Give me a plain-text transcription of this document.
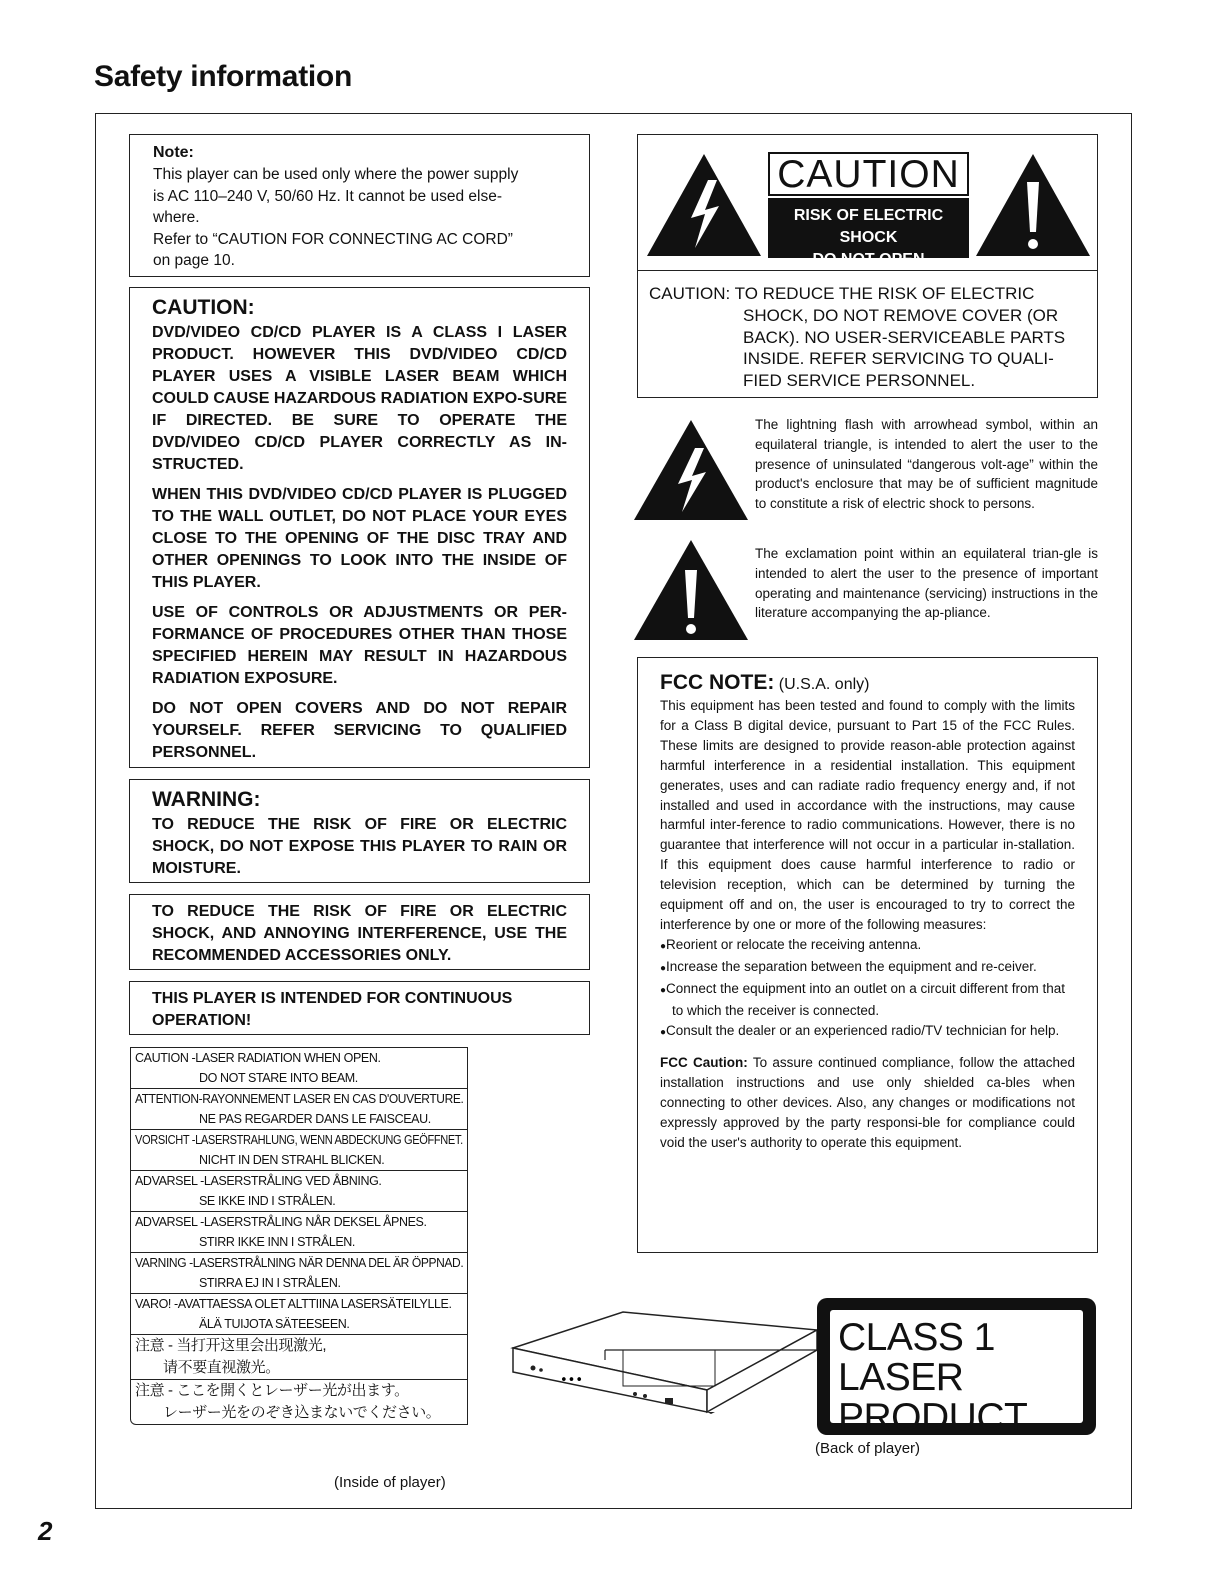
Safety information
Note:
This player can be used only where the power supply
is AC 110–240 V, 50/60 Hz. It cannot be used else-
where.
Refer to “CAUTION FOR CONNECTING AC CORD”
on page 10.
CAUTION:

DVD/VIDEO CD/CD PLAYER IS A CLASS I LASER PRODUCT. HOWEVER THIS DVD/VIDEO CD/CD PLAYER USES A VISIBLE LASER BEAM WHICH COULD CAUSE HAZARDOUS RADIATION EXPO-SURE IF DIRECTED. BE SURE TO OPERATE THE DVD/VIDEO CD/CD PLAYER CORRECTLY AS IN-STRUCTED.

WHEN THIS DVD/VIDEO CD/CD PLAYER IS PLUGGED TO THE WALL OUTLET, DO NOT PLACE YOUR EYES CLOSE TO THE OPENING OF THE DISC TRAY AND OTHER OPENINGS TO LOOK INTO THE INSIDE OF THIS PLAYER.

USE OF CONTROLS OR ADJUSTMENTS OR PER-FORMANCE OF PROCEDURES OTHER THAN THOSE SPECIFIED HEREIN MAY RESULT IN HAZARDOUS RADIATION EXPOSURE.

DO NOT OPEN COVERS AND DO NOT REPAIR YOURSELF. REFER SERVICING TO QUALIFIED PERSONNEL.

WARNING:

TO REDUCE THE RISK OF FIRE OR ELECTRIC SHOCK, DO NOT EXPOSE THIS PLAYER TO RAIN OR MOISTURE.

TO REDUCE THE RISK OF FIRE OR ELECTRIC SHOCK, AND ANNOYING INTERFERENCE, USE THE RECOMMENDED ACCESSORIES ONLY.

THIS PLAYER IS INTENDED FOR CONTINUOUS OPERATION!

CAUTION -LASER RADIATION WHEN OPEN.
DO NOT STARE INTO BEAM.
ATTENTION-RAYONNEMENT LASER EN CAS D'OUVERTURE.
NE PAS REGARDER DANS LE FAISCEAU.
VORSICHT -LASERSTRAHLUNG, WENN ABDECKUNG GEÖFFNET.
NICHT IN DEN STRAHL BLICKEN.
ADVARSEL -LASERSTRÅLING VED ÅBNING.
SE IKKE IND I STRÅLEN.
ADVARSEL -LASERSTRÅLING NÅR DEKSEL ÅPNES.
STIRR IKKE INN I STRÅLEN.
VARNING -LASERSTRÅLNING NÄR DENNA DEL ÄR ÖPPNAD.
STIRRA EJ IN I STRÅLEN.
VARO! -AVATTAESSA OLET ALTTIINA LASERSÄTEILYLLE.
ÄLÄ TUIJOTA SÄTEESEEN.
注意 - 当打开这里会出现激光,
请不要直视激光。
注意 - ここを開くとレーザー光が出ます。
レーザー光をのぞき込まないでください。
(Inside of player)
•••
CAUTION
RISK OF ELECTRIC SHOCK
DO NOT OPEN
CAUTION: TO REDUCE THE RISK OF ELECTRIC
SHOCK, DO NOT REMOVE COVER (OR
BACK). NO USER-SERVICEABLE PARTS
INSIDE. REFER SERVICING TO QUALI-
FIED SERVICE PERSONNEL.
The lightning flash with arrowhead symbol, within an equilateral triangle, is intended to alert the user to the presence of uninsulated “dangerous volt-age” within the product's enclosure that may be of sufficient magnitude to constitute a risk of electric shock to persons.
The exclamation point within an equilateral trian-gle is intended to alert the user to the presence of important operating and maintenance (servicing) instructions in the literature accompanying the ap-pliance.
FCC NOTE: (U.S.A. only)

This equipment has been tested and found to comply with the limits for a Class B digital device, pursuant to Part 15 of the FCC Rules. These limits are designed to provide reason-able protection against harmful interference in a residential installation. This equipment generates, uses and can radiate radio frequency energy and, if not installed and used in accordance with the instructions, may cause harmful inter-ference to radio communications. However, there is no guarantee that interference will not occur in a particular in-stallation. If this equipment does cause harmful interference to radio or television reception, which can be determined by turning the equipment off and on, the user is encouraged to try to correct the interference by one or more of the following measures:

● Reorient or relocate the receiving antenna.
● Increase the separation between the equipment and re-ceiver.
● Connect the equipment into an outlet on a circuit different from that to which the receiver is connected.
● Consult the dealer or an experienced radio/TV technician for help.

FCC Caution: To assure continued compliance, follow the attached installation instructions and use only shielded ca-bles when connecting to other devices. Also, any changes or modifications not expressly approved by the party responsi-ble for compliance could void the user's authority to operate this equipment.

CLASS 1
LASER PRODUCT
(Back of player)
2
